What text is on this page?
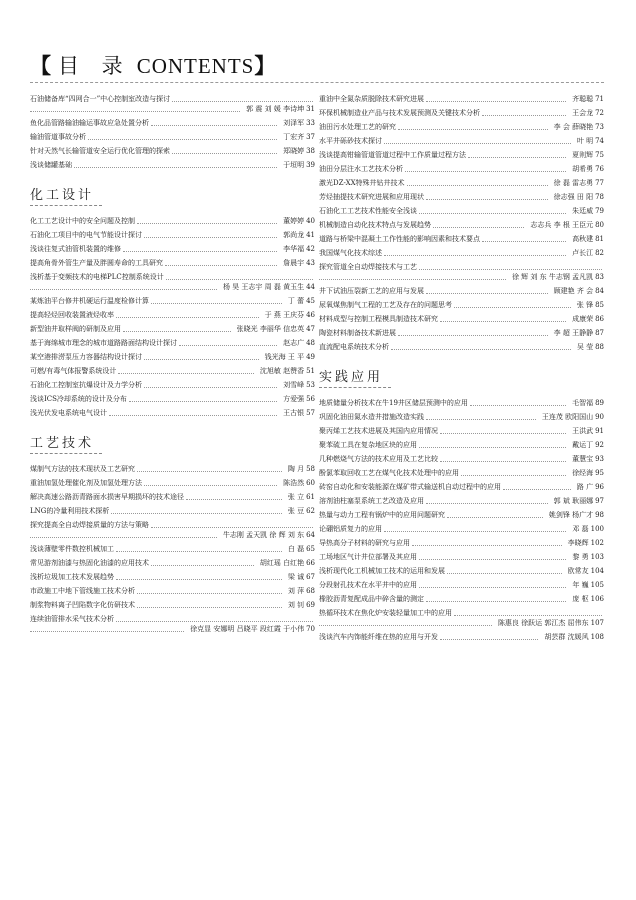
【 目 录 CONTENTS】
石油储备库“四网合一”中心控制室改造与探讨
郭 震 刘 媛 李诗坤 31
鱼化品管路输油输运事故应急处置分析	刘泽军 33
输油管道事故分析	丁宏齐 37
针对天然气长输管道安全运行优化管理的探索	郑晓婷 38
浅谈储罐基础	于垣明 39
化工设计
化工工艺设计中的安全问题及控制	董婷婷 40
石油化工项目中的电气节能设计探讨	郭尚龙 41
浅谈往复式油管机装置的维修	李华福 42
提高角骨外管生产量及胖圆寿命的工具研究	詹晨宇 43
浅析基于变频技术的电梯PLC控制系统设计
杨 昊 王志宇 周 磊 黄玉生 44
某炼油平台修井机硬运行温度检修计算	丁 蕾 45
提高轻烃回收装置液烃收率	于 燕 王庆芬 46
新型油井取样阀的研制及应用	张晓光 李丽华 信忠英 47
基于海绵城市理念的城市道路路面结构设计探讨	赵志广 48
某空港排涝泵压力容器结构设计探讨	钱光海 王 平 49
可燃/有毒气体报警系统设计	沈旭敏 赵赞香 51
石油化工控制室抗爆设计及力学分析	刘雪峰 53
浅谈ICS冷却系统的设计及分布	方爱强 56
浅光伏发电系统电气设计	王古银 57
工艺技术
煤制气方法的技术现状及工艺研究	陶 月 58
重油加氢处理催化剂及加氢处理方法	陈浩然 60
解决高速公路沥青路面水损害早期损坏的技术途径	张 立 61
LNG的冷量利用技术探析	张 豆 62
探究提高全自动焊接质量的方法与策略
牛志刚 孟天凯 徐 辉 刘 东 64
浅谈薄壁零件数控机械加工	白 磊 65
常见游剂油漆与热固化油漆的应用技术	胡红瑶 白红艳 66
浅析垃圾加工技术发展趋势	梁 诚 67
市政施工中地下管线施工技术分析	刘 萍 68
制浆物料离子凹陷数字化仿研技术	刘 钊 69
连续油管排水采气技术分析
徐克显 安娜明 吕晓平 段红霞 于小伟 70
重油中全氮杂质脱除技术研究进展	齐聪聪 71
环保机械制造业产品与技术发展预测及关键技术分析	王会龙 72
油田污水处理工艺的研究	李 会 薛晓艳 73
水平井砾砂技术探讨	叶 明 74
浅谈提高钳输管道管道过程中工作质量过程方法	夏则辉 75
油田分层注水工艺技术分析	胡希勇 76
激光DZ-XX特殊井钻井技术	徐 磊 雷志勇 77
芳烃抽提技术研究进展和应用现状	徐志强 田 阳 78
石油化工工艺技术性能安全浅谈	朱廷威 79
机械制造自动化技术特点与发展趋势	志志兵 李 根 王臣元 80
道路与桥梁中混凝土工作性能的影响因素和技术要点	高秋建 81
我国煤气化技术综述	卢长江 82
探究管道全自动焊接技术与工艺
徐 辉 刘 东 牛志钢 孟凡凯 83
井下试油压裂新工艺的应用与发展	顾建艳 齐 会 84
尿氧煤焦制气工程的工艺及存在的问题思考	张 锋 85
材料成型与控制工程模具制造技术研究	成康荣 86
陶瓷材料制备技术新进展	李 超 王静静 87
直流配电系统技术分析	吴 莹 88
实践应用
地质储量分析技术在牛19井区储层预测中的应用	毛智福 89
巩固化油田氮水造井措施改造实践	王连茂 欧阳国山 90
聚丙烯工艺技术进展及其国内应用情况	王洪武 91
聚苯硫工具在复杂地区块的应用	戴运丁 92
几种燃烧气方法的技术应用及工艺比较	董慧宝 93
酚氯苯取回收工艺在煤气化技术处理中的应用	徐经海 95
砖窑自动化和安装能源在煤矿带式输送机自动过程中的应用	路 广 96
溶剂油柱塞泵系统工艺改造及应用	郭 斌 耿丽娜 97
热量与动力工程有锅炉中的应用问题研究	姚剑锋 杨广才 98
论硼铝质复力的应用	邓 磊 100
导热高分子材料的研究与应用	李晓辉 102
工场地区气计井位部署及其应用	黎 勇 103
浅析现代化工机械加工技术的运用和发展	欧常友 104
分段射孔技术在水平井中的应用	年 巍 105
橡胶沥青复配成品中碎含量的测定	庞 枢 106
热循环技术在焦化炉安装轻量加工中的应用
陈惠良 徐跃运 郭江杰 屈伟东 107
浅谈汽车内饰能纤维在热的应用与开发	胡芸群 沈媛风 108
